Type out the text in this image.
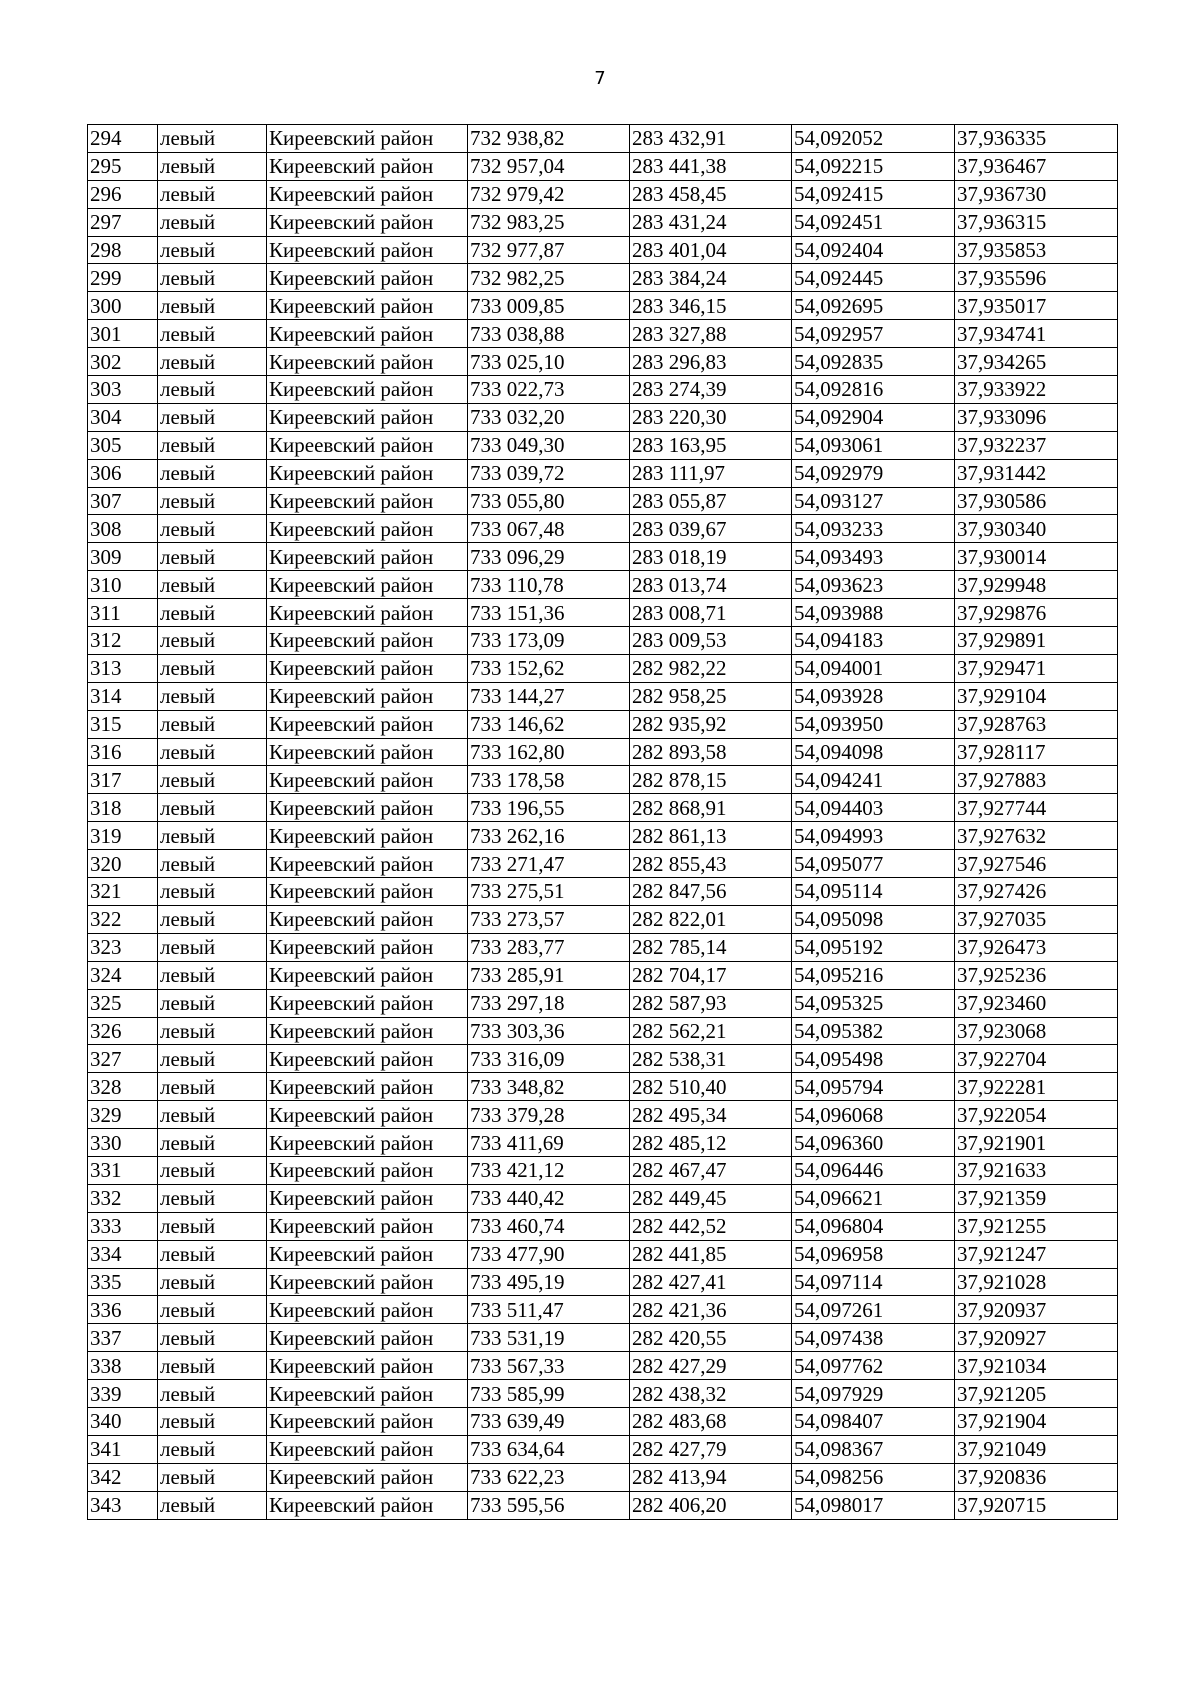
7
294	левый	Киреевский район	732 938,82	283 432,91	54,092052	37,936335
295	левый	Киреевский район	732 957,04	283 441,38	54,092215	37,936467
296	левый	Киреевский район	732 979,42	283 458,45	54,092415	37,936730
297	левый	Киреевский район	732 983,25	283 431,24	54,092451	37,936315
298	левый	Киреевский район	732 977,87	283 401,04	54,092404	37,935853
299	левый	Киреевский район	732 982,25	283 384,24	54,092445	37,935596
300	левый	Киреевский район	733 009,85	283 346,15	54,092695	37,935017
301	левый	Киреевский район	733 038,88	283 327,88	54,092957	37,934741
302	левый	Киреевский район	733 025,10	283 296,83	54,092835	37,934265
303	левый	Киреевский район	733 022,73	283 274,39	54,092816	37,933922
304	левый	Киреевский район	733 032,20	283 220,30	54,092904	37,933096
305	левый	Киреевский район	733 049,30	283 163,95	54,093061	37,932237
306	левый	Киреевский район	733 039,72	283 111,97	54,092979	37,931442
307	левый	Киреевский район	733 055,80	283 055,87	54,093127	37,930586
308	левый	Киреевский район	733 067,48	283 039,67	54,093233	37,930340
309	левый	Киреевский район	733 096,29	283 018,19	54,093493	37,930014
310	левый	Киреевский район	733 110,78	283 013,74	54,093623	37,929948
311	левый	Киреевский район	733 151,36	283 008,71	54,093988	37,929876
312	левый	Киреевский район	733 173,09	283 009,53	54,094183	37,929891
313	левый	Киреевский район	733 152,62	282 982,22	54,094001	37,929471
314	левый	Киреевский район	733 144,27	282 958,25	54,093928	37,929104
315	левый	Киреевский район	733 146,62	282 935,92	54,093950	37,928763
316	левый	Киреевский район	733 162,80	282 893,58	54,094098	37,928117
317	левый	Киреевский район	733 178,58	282 878,15	54,094241	37,927883
318	левый	Киреевский район	733 196,55	282 868,91	54,094403	37,927744
319	левый	Киреевский район	733 262,16	282 861,13	54,094993	37,927632
320	левый	Киреевский район	733 271,47	282 855,43	54,095077	37,927546
321	левый	Киреевский район	733 275,51	282 847,56	54,095114	37,927426
322	левый	Киреевский район	733 273,57	282 822,01	54,095098	37,927035
323	левый	Киреевский район	733 283,77	282 785,14	54,095192	37,926473
324	левый	Киреевский район	733 285,91	282 704,17	54,095216	37,925236
325	левый	Киреевский район	733 297,18	282 587,93	54,095325	37,923460
326	левый	Киреевский район	733 303,36	282 562,21	54,095382	37,923068
327	левый	Киреевский район	733 316,09	282 538,31	54,095498	37,922704
328	левый	Киреевский район	733 348,82	282 510,40	54,095794	37,922281
329	левый	Киреевский район	733 379,28	282 495,34	54,096068	37,922054
330	левый	Киреевский район	733 411,69	282 485,12	54,096360	37,921901
331	левый	Киреевский район	733 421,12	282 467,47	54,096446	37,921633
332	левый	Киреевский район	733 440,42	282 449,45	54,096621	37,921359
333	левый	Киреевский район	733 460,74	282 442,52	54,096804	37,921255
334	левый	Киреевский район	733 477,90	282 441,85	54,096958	37,921247
335	левый	Киреевский район	733 495,19	282 427,41	54,097114	37,921028
336	левый	Киреевский район	733 511,47	282 421,36	54,097261	37,920937
337	левый	Киреевский район	733 531,19	282 420,55	54,097438	37,920927
338	левый	Киреевский район	733 567,33	282 427,29	54,097762	37,921034
339	левый	Киреевский район	733 585,99	282 438,32	54,097929	37,921205
340	левый	Киреевский район	733 639,49	282 483,68	54,098407	37,921904
341	левый	Киреевский район	733 634,64	282 427,79	54,098367	37,921049
342	левый	Киреевский район	733 622,23	282 413,94	54,098256	37,920836
343	левый	Киреевский район	733 595,56	282 406,20	54,098017	37,920715
